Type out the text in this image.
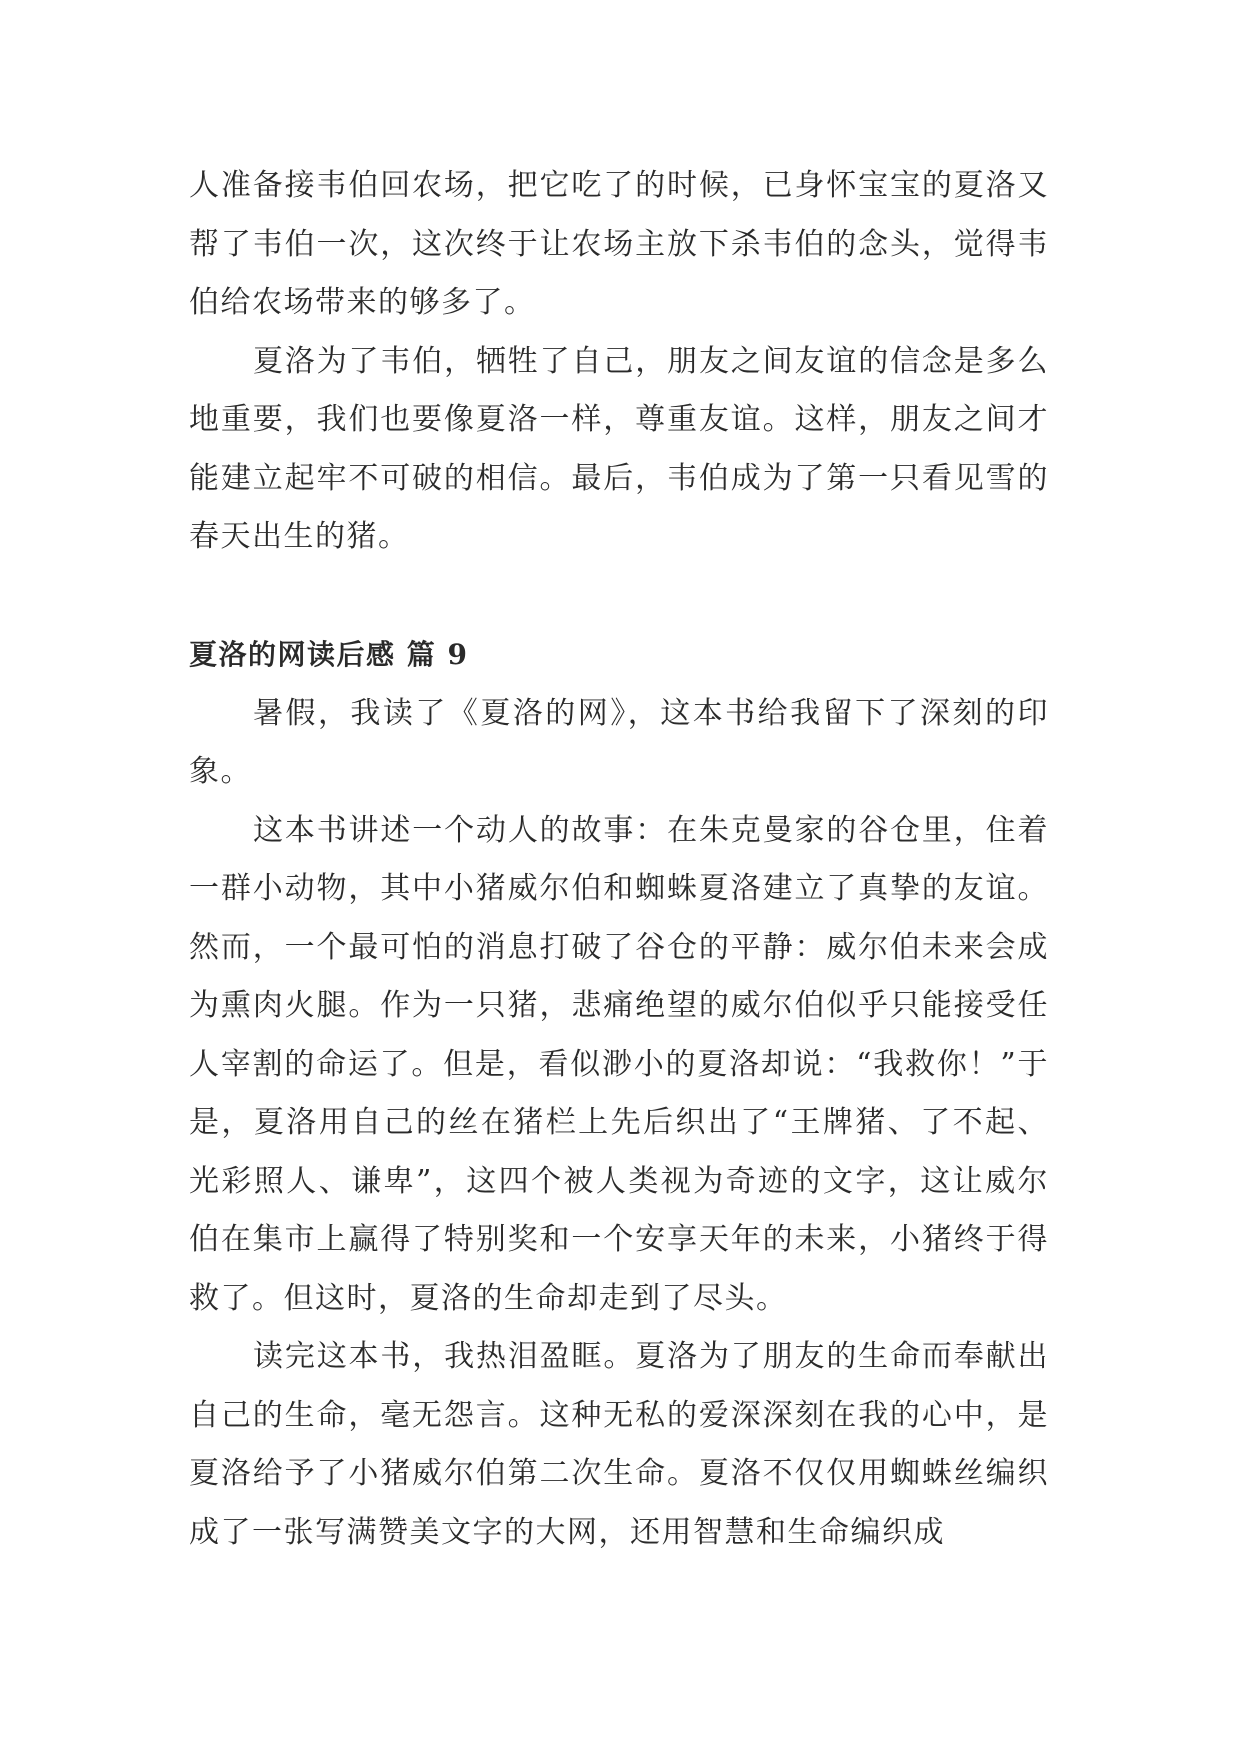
人准备接韦伯回农场，把它吃了的时候，已身怀宝宝的夏洛又帮了韦伯一次，这次终于让农场主放下杀韦伯的念头，觉得韦伯给农场带来的够多了。

夏洛为了韦伯，牺牲了自己，朋友之间友谊的信念是多么地重要，我们也要像夏洛一样，尊重友谊。这样，朋友之间才能建立起牢不可破的相信。最后，韦伯成为了第一只看见雪的春天出生的猪。

夏洛的网读后感 篇 9

暑假，我读了《夏洛的网》，这本书给我留下了深刻的印象。

这本书讲述一个动人的故事：在朱克曼家的谷仓里，住着一群小动物，其中小猪威尔伯和蜘蛛夏洛建立了真挚的友谊。然而，一个最可怕的消息打破了谷仓的平静：威尔伯未来会成为熏肉火腿。作为一只猪，悲痛绝望的威尔伯似乎只能接受任人宰割的命运了。但是，看似渺小的夏洛却说：“我救你！”于是，夏洛用自己的丝在猪栏上先后织出了“王牌猪、了不起、光彩照人、谦卑”，这四个被人类视为奇迹的文字，这让威尔伯在集市上赢得了特别奖和一个安享天年的未来，小猪终于得救了。但这时，夏洛的生命却走到了尽头。

读完这本书，我热泪盈眶。夏洛为了朋友的生命而奉献出自己的生命，毫无怨言。这种无私的爱深深刻在我的心中，是夏洛给予了小猪威尔伯第二次生命。夏洛不仅仅用蜘蛛丝编织成了一张写满赞美文字的大网，还用智慧和生命编织成
